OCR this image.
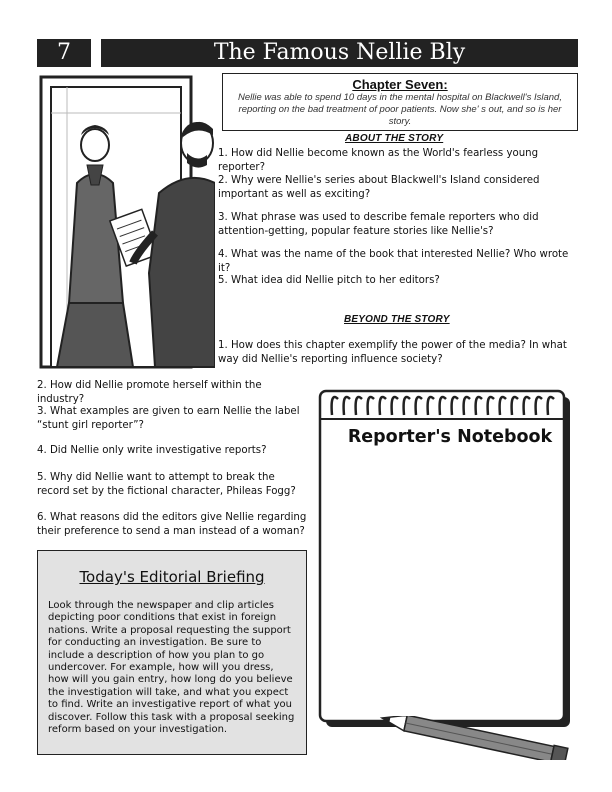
7	The Famous Nellie Bly
Chapter Seven:
Nellie was able to spend 10 days in the mental hospital on Blackwell's Island, reporting on the bad treatment of poor patients. Now she' s out, and so is her story.
ABOUT THE STORY
1. How did Nellie become known as the World's fearless young reporter?
2. Why were Nellie's series about Blackwell's Island considered important as well as exciting?
3. What phrase was used to describe female reporters who did attention-getting, popular feature stories like Nellie's?
4. What was the name of the book that interested Nellie? Who wrote it?
5. What idea did Nellie pitch to her editors?
BEYOND THE STORY
1. How does this chapter exemplify the power of the media? In what way did Nellie's reporting influence society?
2. How did Nellie promote herself within the industry?
3. What examples are given to earn Nellie the label “stunt girl reporter”?
4. Did Nellie only write investigative reports?
5. Why did Nellie want to attempt to break the record set by the fictional character, Phileas Fogg?
6. What reasons did the editors give Nellie regarding their preference to send a man instead of a woman?
Today's Editorial Briefing
Look through the newspaper and clip articles depicting poor conditions that exist in foreign nations. Write a proposal requesting the support for conducting an investigation. Be sure to include a description of how you plan to go undercover. For example, how will you dress, how will you gain entry, how long do you believe the investigation will take, and what you expect to find. Write an investigative report of what you discover. Follow this task with a proposal seeking reform based on your investigation.
Reporter's Notebook
